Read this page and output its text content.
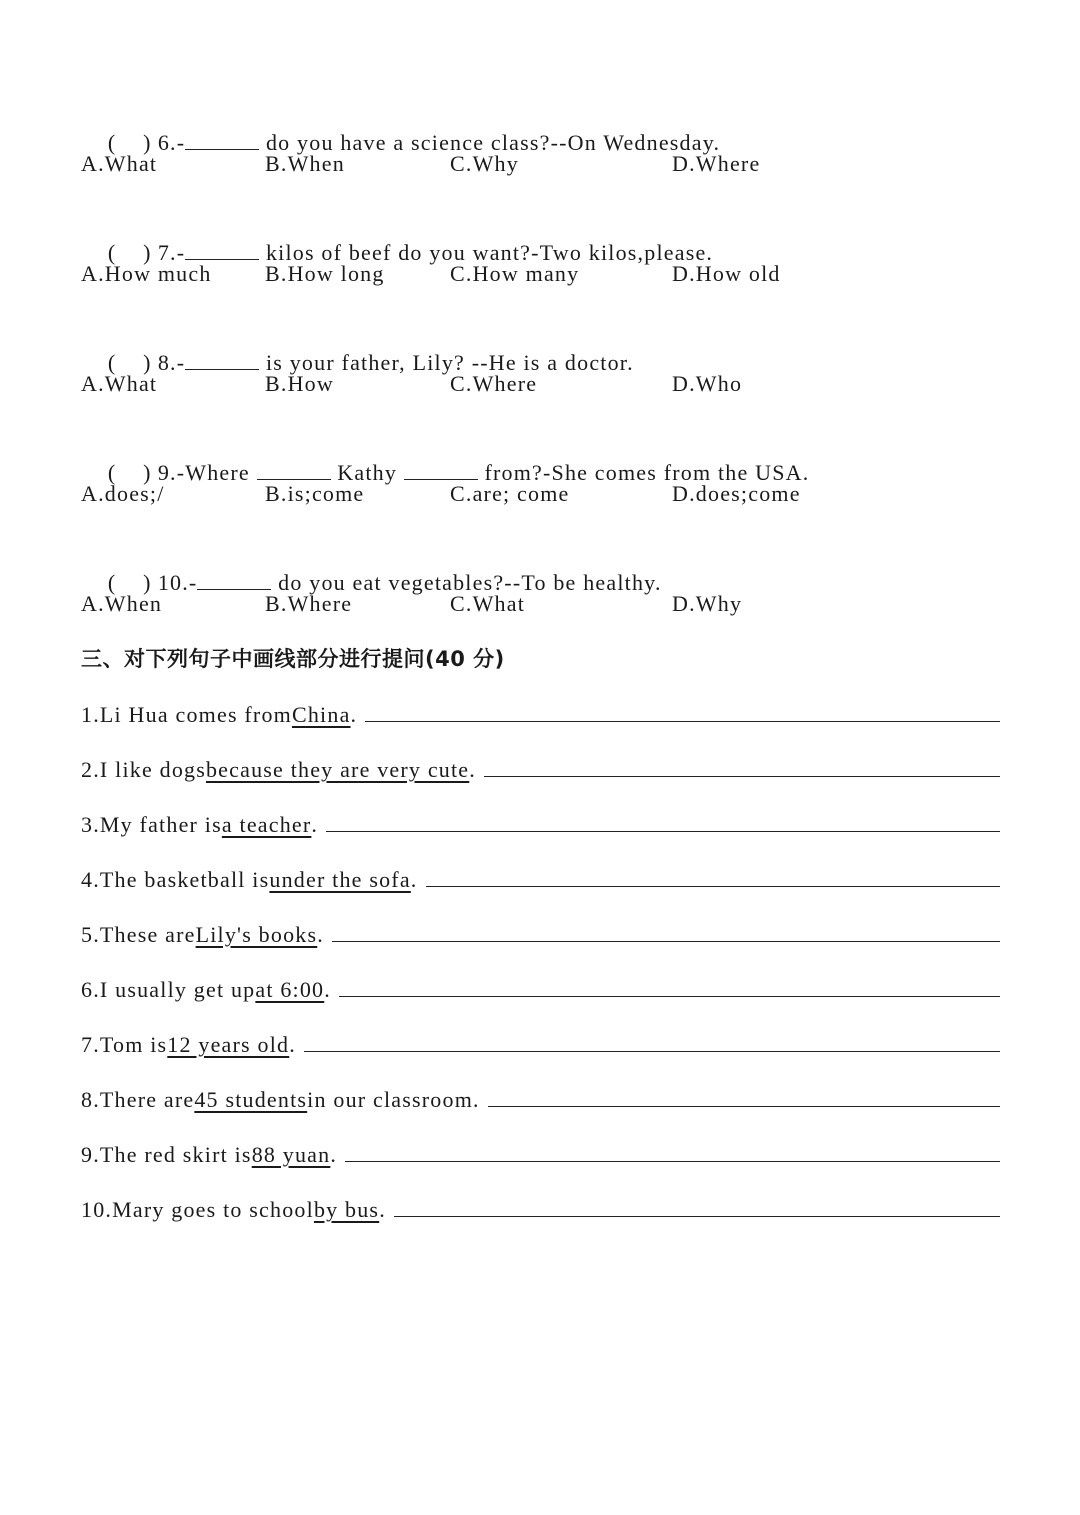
(    ) 6.-	do you have a science class?--On Wednesday.

A.What

	B.When

	C.Why

	D.Where

(    ) 7.-	kilos of beef do you want?-Two kilos,please.

A.How much

B.How long

	C.How many

	D.How old

(    ) 8.-	is your father, Lily? --He is a doctor.

A.What

	B.How

	C.Where

	D.Who

(    ) 9.-Where	Kathy	from?-She comes from the USA.

A.does;/

	B.is;come

	C.are; come

	D.does;come

(    ) 10.-	do you eat vegetables?--To be healthy.

A.When

	B.Where

	C.What

	D.Why

三、对下列句子中画线部分进行提问(40 分)
1.Li Hua comes from China .
2.I like dogs because they are very cute .
3.My father is a teacher .
4.The basketball is under the sofa .
5.These are Lily's books .
6.I usually get up at 6:00 .
7.Tom is 12 years old .
8.There are 45 students in our classroom.
9.The red skirt is 88 yuan .
10.Mary goes to school by bus .
